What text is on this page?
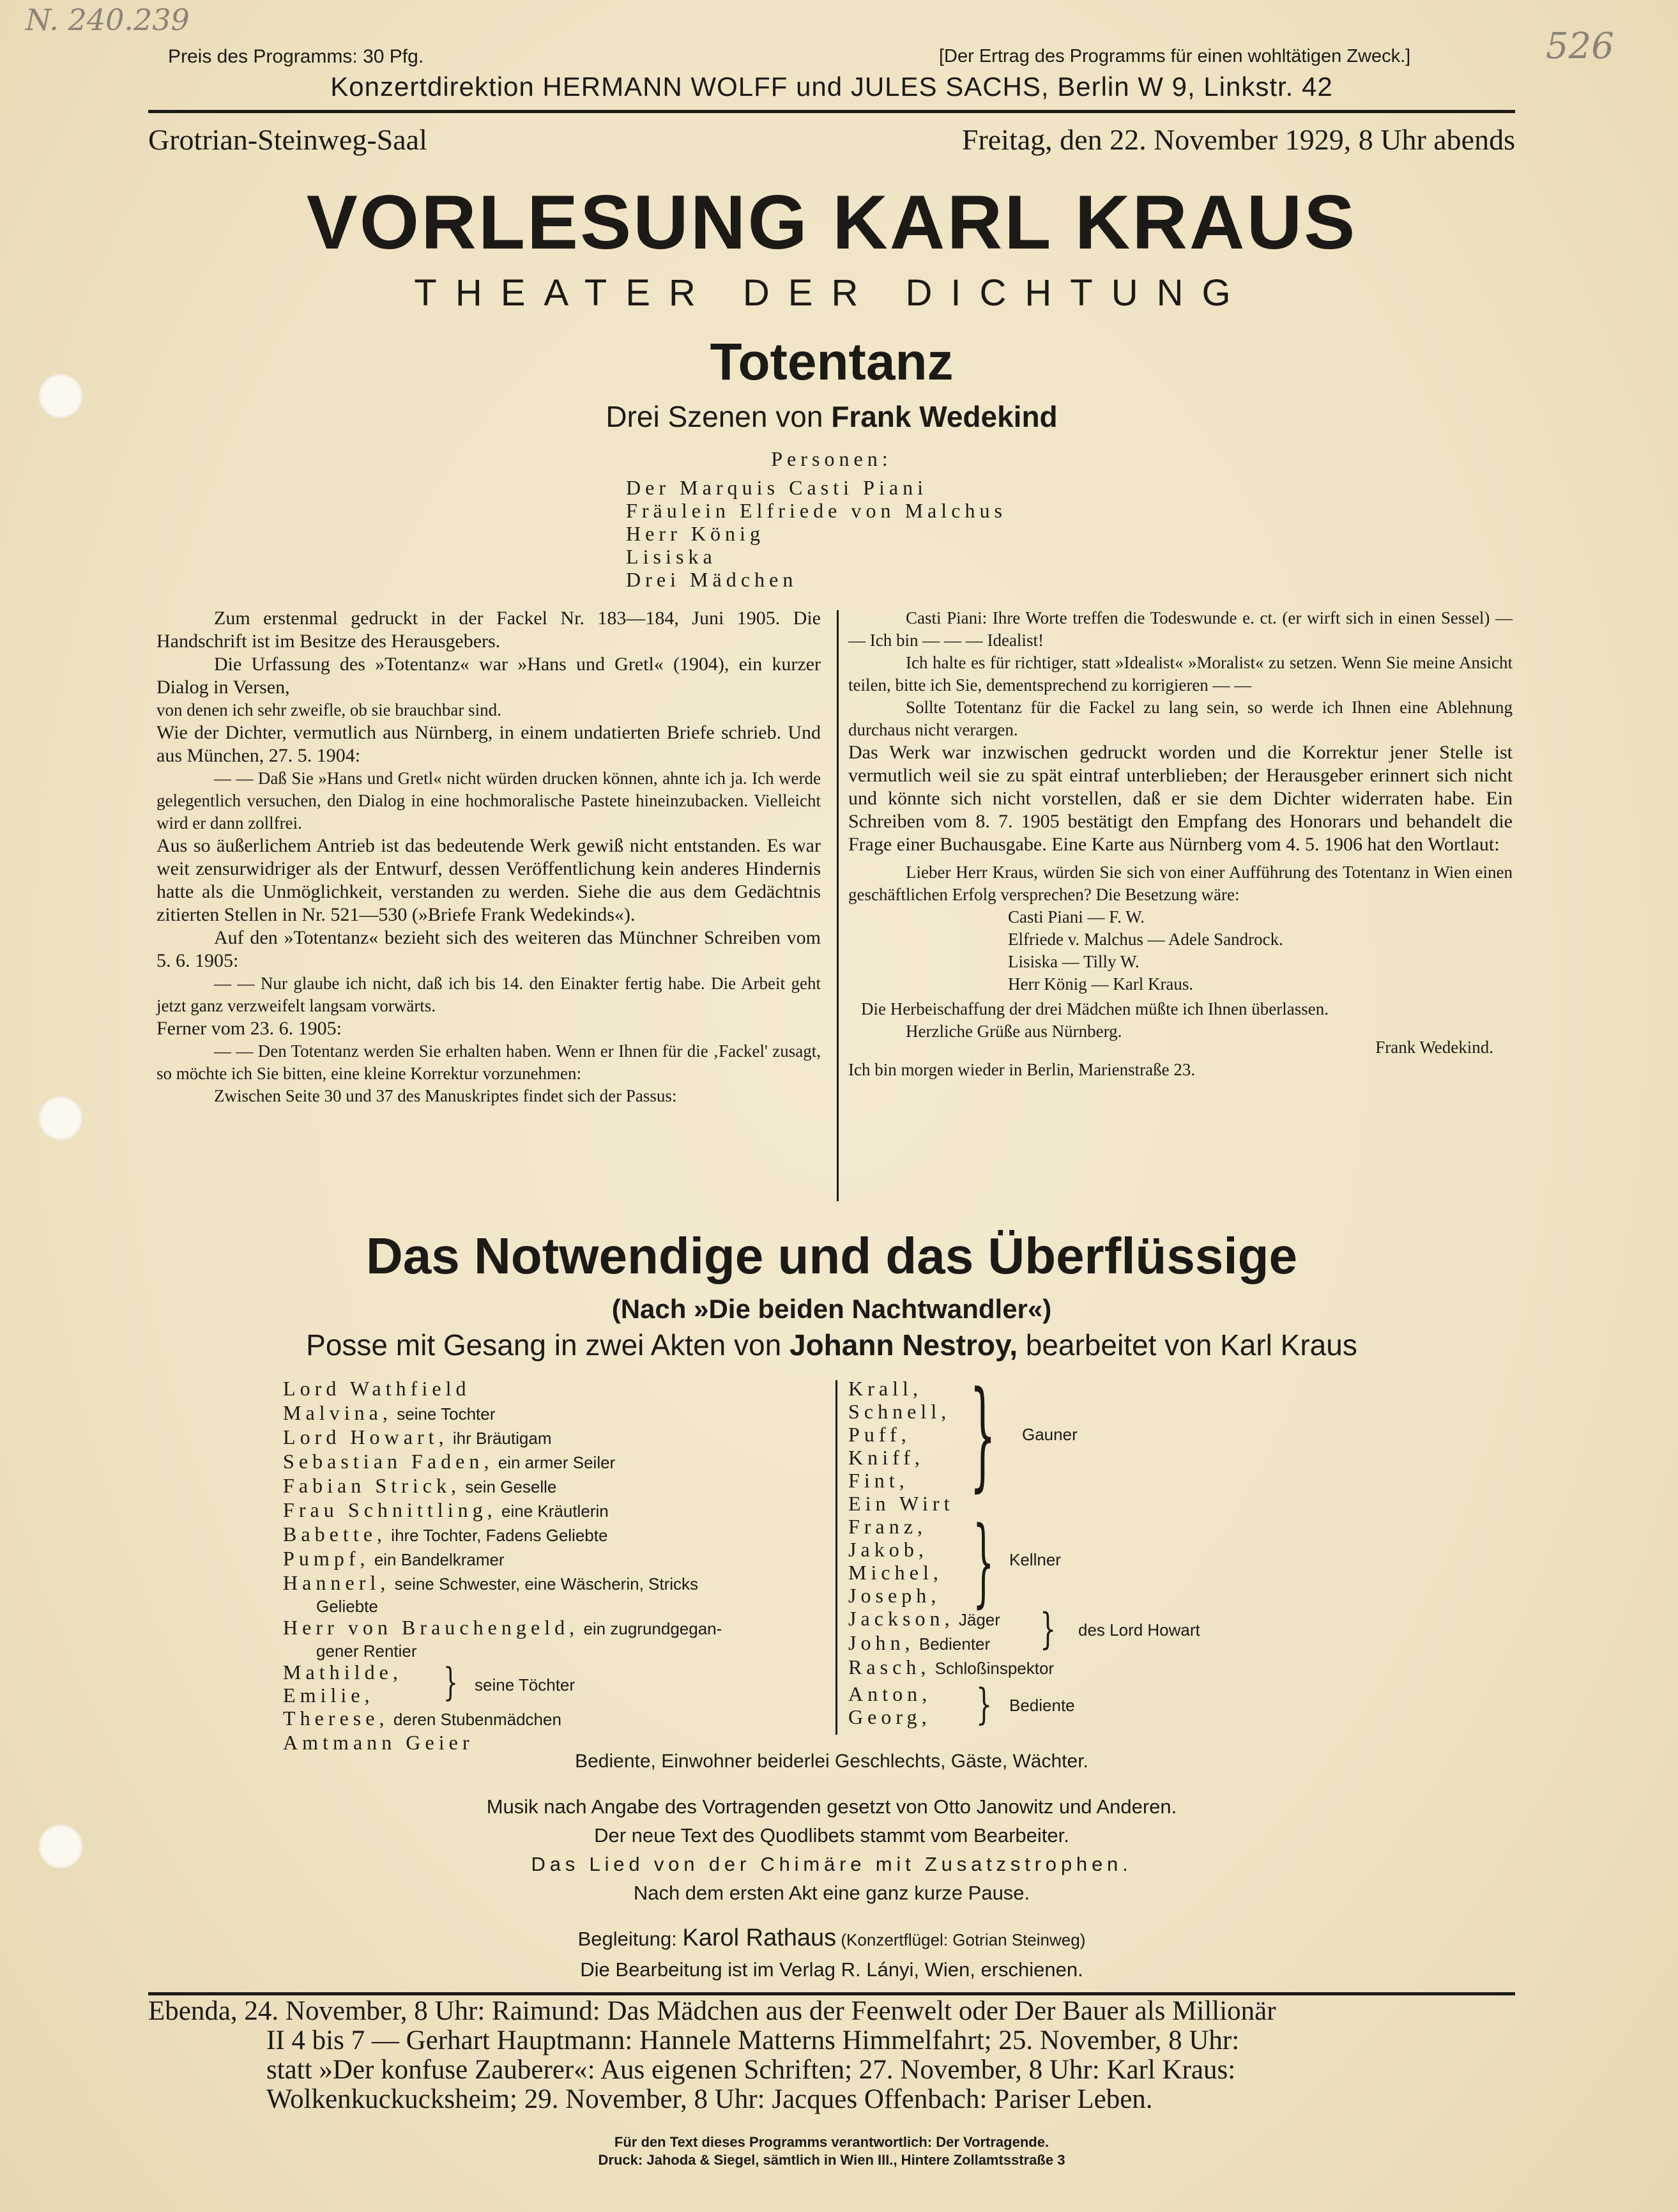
N. 240.239
526
Preis des Programms: 30 Pfg.	[Der Ertrag des Programms für einen wohltätigen Zweck.]
Konzertdirektion HERMANN WOLFF und JULES SACHS, Berlin W 9, Linkstr. 42
Grotrian-Steinweg-Saal	Freitag, den 22. November 1929, 8 Uhr abends
VORLESUNG KARL KRAUS
THEATER DER DICHTUNG
Totentanz
Drei Szenen von Frank Wedekind
Personen:
Der Marquis Casti Piani
Fräulein Elfriede von Malchus
Herr König
Lisiska
Drei Mädchen

Zum erstenmal gedruckt in der Fackel Nr. 183—184, Juni 1905. Die Handschrift ist im Besitze des Herausgebers.

Die Urfassung des »Totentanz« war »Hans und Gretl« (1904), ein kurzer Dialog in Versen,

von denen ich sehr zweifle, ob sie brauchbar sind.

Wie der Dichter, vermutlich aus Nürnberg, in einem undatierten Briefe schrieb. Und aus München, 27. 5. 1904:

— — Daß Sie »Hans und Gretl« nicht würden drucken können, ahnte ich ja. Ich werde gelegentlich versuchen, den Dialog in eine hochmoralische Pastete hineinzubacken. Vielleicht wird er dann zollfrei.

Aus so äußerlichem Antrieb ist das bedeutende Werk gewiß nicht entstanden. Es war weit zensurwidriger als der Entwurf, dessen Veröffentlichung kein anderes Hindernis hatte als die Unmöglichkeit, verstanden zu werden. Siehe die aus dem Gedächtnis zitierten Stellen in Nr. 521—530 (»Briefe Frank Wedekinds«).

Auf den »Totentanz« bezieht sich des weiteren das Münchner Schreiben vom 5. 6. 1905:

— — Nur glaube ich nicht, daß ich bis 14. den Einakter fertig habe. Die Arbeit geht jetzt ganz verzweifelt langsam vorwärts.

Ferner vom 23. 6. 1905:

— — Den Totentanz werden Sie erhalten haben. Wenn er Ihnen für die ‚Fackel' zusagt, so möchte ich Sie bitten, eine kleine Korrektur vorzunehmen:

Zwischen Seite 30 und 37 des Manuskriptes findet sich der Passus:

Casti Piani: Ihre Worte treffen die Todeswunde e. ct. (er wirft sich in einen Sessel) — — Ich bin — — — Idealist!

Ich halte es für richtiger, statt »Idealist« »Moralist« zu setzen. Wenn Sie meine Ansicht teilen, bitte ich Sie, dementsprechend zu korrigieren — —

Sollte Totentanz für die Fackel zu lang sein, so werde ich Ihnen eine Ablehnung durchaus nicht verargen.

Das Werk war inzwischen gedruckt worden und die Korrektur jener Stelle ist vermutlich weil sie zu spät eintraf unterblieben; der Herausgeber erinnert sich nicht und könnte sich nicht vorstellen, daß er sie dem Dichter widerraten habe. Ein Schreiben vom 8. 7. 1905 bestätigt den Empfang des Honorars und behandelt die Frage einer Buchausgabe. Eine Karte aus Nürnberg vom 4. 5. 1906 hat den Wortlaut:

Lieber Herr Kraus, würden Sie sich von einer Aufführung des Totentanz in Wien einen geschäftlichen Erfolg versprechen? Die Besetzung wäre:

Casti Piani — F. W.

Elfriede v. Malchus — Adele Sandrock.

Lisiska — Tilly W.

Herr König — Karl Kraus.

Die Herbeischaffung der drei Mädchen müßte ich Ihnen überlassen.

Herzliche Grüße aus Nürnberg.

Frank Wedekind.

Ich bin morgen wieder in Berlin, Marienstraße 23.

Das Notwendige und das Überflüssige
(Nach »Die beiden Nachtwandler«)
Posse mit Gesang in zwei Akten von Johann Nestroy, bearbeitet von Karl Kraus
Lord Wathfield
Malvina, seine Tochter
Lord Howart, ihr Bräutigam
Sebastian Faden, ein armer Seiler
Fabian Strick, sein Geselle
Frau Schnittling, eine Kräutlerin
Babette, ihre Tochter, Fadens Geliebte
Pumpf, ein Bandelkramer
Hannerl, seine Schwester, eine Wäscherin, Stricks
Geliebte
Herr von Brauchengeld, ein zugrundgegan-
gener Rentier
Mathilde,
Emilie,	} seine Töchter
Therese, deren Stubenmädchen
Amtmann Geier
Krall,
Schnell,
Puff,
Kniff,
Fint, } Gauner
Ein Wirt
Franz,
Jakob,
Michel,
Joseph, } Kellner
Jackson, Jäger
John, Bedienter	} des Lord Howart
Rasch, Schloßinspektor
Anton,
Georg,	} Bediente
Bediente, Einwohner beiderlei Geschlechts, Gäste, Wächter.
Musik nach Angabe des Vortragenden gesetzt von Otto Janowitz und Anderen.
Der neue Text des Quodlibets stammt vom Bearbeiter.
Das Lied von der Chimäre mit Zusatzstrophen.
Nach dem ersten Akt eine ganz kurze Pause.
Begleitung: Karol Rathaus (Konzertflügel: Gotrian Steinweg)
Die Bearbeitung ist im Verlag R. Lányi, Wien, erschienen.
Ebenda, 24. November, 8 Uhr: Raimund: Das Mädchen aus der Feenwelt oder Der Bauer als Millionär
II 4 bis 7 — Gerhart Hauptmann: Hannele Matterns Himmelfahrt; 25. November, 8 Uhr:
statt »Der konfuse Zauberer«: Aus eigenen Schriften; 27. November, 8 Uhr: Karl Kraus:
Wolkenkuckucksheim; 29. November, 8 Uhr: Jacques Offenbach: Pariser Leben.
Für den Text dieses Programms verantwortlich: Der Vortragende.
Druck: Jahoda & Siegel, sämtlich in Wien III., Hintere Zollamtsstraße 3
